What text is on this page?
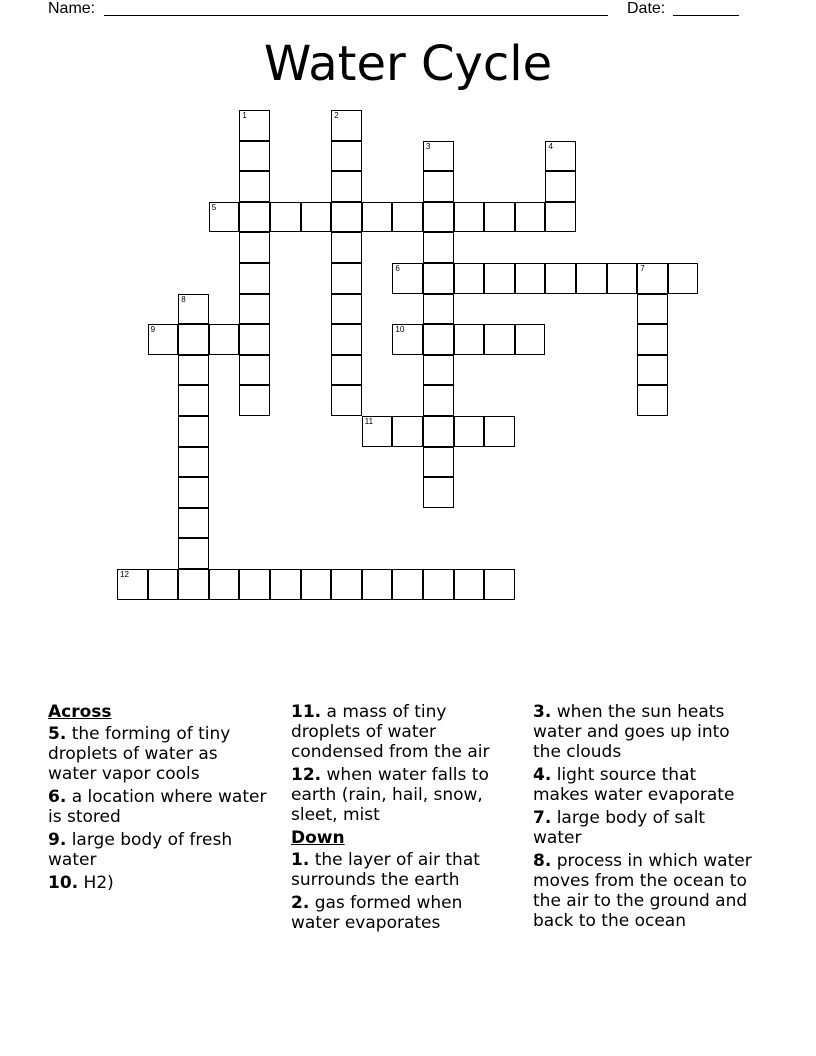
Name:	Date:
Water Cycle
1	2
3	4
5
6	7
8
9	10
11
12
Across
5. the forming of tiny droplets of water as water vapor cools
6. a location where water is stored
9. large body of fresh water
10. H2)
11. a mass of tiny droplets of water condensed from the air
12. when water falls to earth (rain, hail, snow, sleet, mist
Down
1. the layer of air that surrounds the earth
2. gas formed when water evaporates
3. when the sun heats water and goes up into the clouds
4. light source that makes water evaporate
7. large body of salt water
8. process in which water moves from the ocean to the air to the ground and back to the ocean
